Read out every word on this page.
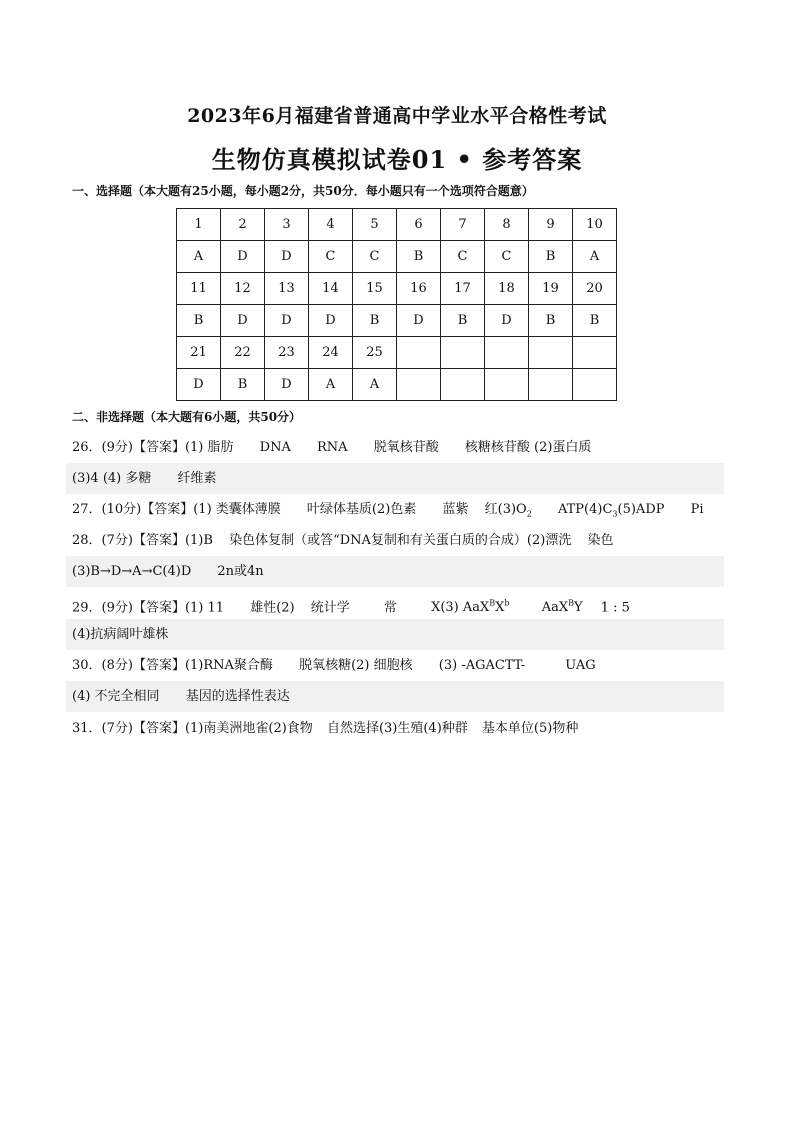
2023年6月福建省普通高中学业水平合格性考试
生物仿真模拟试卷01 • 参考答案
一、选择题（本大题有25小题，每小题2分，共50分．每小题只有一个选项符合题意）
1	2	3	4	5	6	7	8	9	10
A	D	D	C	C	B	C	C	B	A
11	12	13	14	15	16	17	18	19	20
B	D	D	D	B	D	B	D	B	B
21	22	23	24	25					
D	B	D	A	A					
二、非选择题（本大题有6小题，共50分）
26．(9分)【答案】(1) 脂肪 DNA RNA 脱氧核苷酸 核糖核苷酸 (2)蛋白质
(3)4 (4) 多糖 纤维素
27．(10分)【答案】(1) 类囊体薄膜 叶绿体基质(2)色素 蓝紫 红$(3)O_2$ $ATP(4)C_3(5)ADP$ Pi
28．(7分)【答案】(1)B 染色体复制（或答“DNA复制和有关蛋白质的合成）(2)漂洗 染色
(3)B→D→A→C(4)D 2n或4n
29．(9分)【答案】(1) 11 雄性(2) 统计学	常	X(3) $AaX^BX^b$ AaX$^B$Y 1 : 5
(4)抗病阔叶雄株
30．(8分)【答案】(1)RNA聚合酶 脱氧核糖(2) 细胞核 (3) -AGACTT-	UAG
(4) 不完全相同 基因的选择性表达
31．(7分)【答案】(1)南美洲地雀(2)食物 自然选择(3)生殖(4)种群 基本单位(5)物种
